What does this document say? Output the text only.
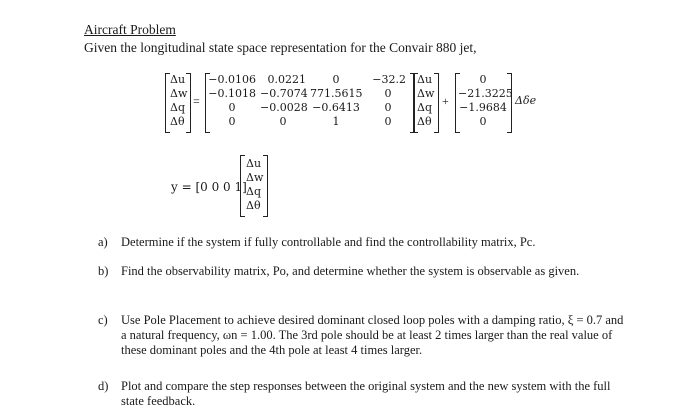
Aircraft Problem
Given the longitudinal state space representation for the Convair 880 jet,
Δu
Δw
Δq
Δθ
=
−0.0106	0.0221	0	−32.2
−0.1018 −0.7074 771.5615	0
0	−0.0028 −0.6413	0
0	0	1	0
Δu
Δw
Δq
Δθ
+
0
−21.3225
−1.9684
0
Δδe
y = [0 0 0 1]
Δu
Δw
Δq
Δθ
a) Determine if the system if fully controllable and find the controllability matrix, Pc.
b) Find the observability matrix, Po, and determine whether the system is observable as given.
c) Use Pole Placement to achieve desired dominant closed loop poles with a damping ratio, ξ = 0.7 and a natural frequency, ωn = 1.00. The 3rd pole should be at least 2 times larger than the real value of these dominant poles and the 4th pole at least 4 times larger.
d) Plot and compare the step responses between the original system and the new system with the full state feedback.
